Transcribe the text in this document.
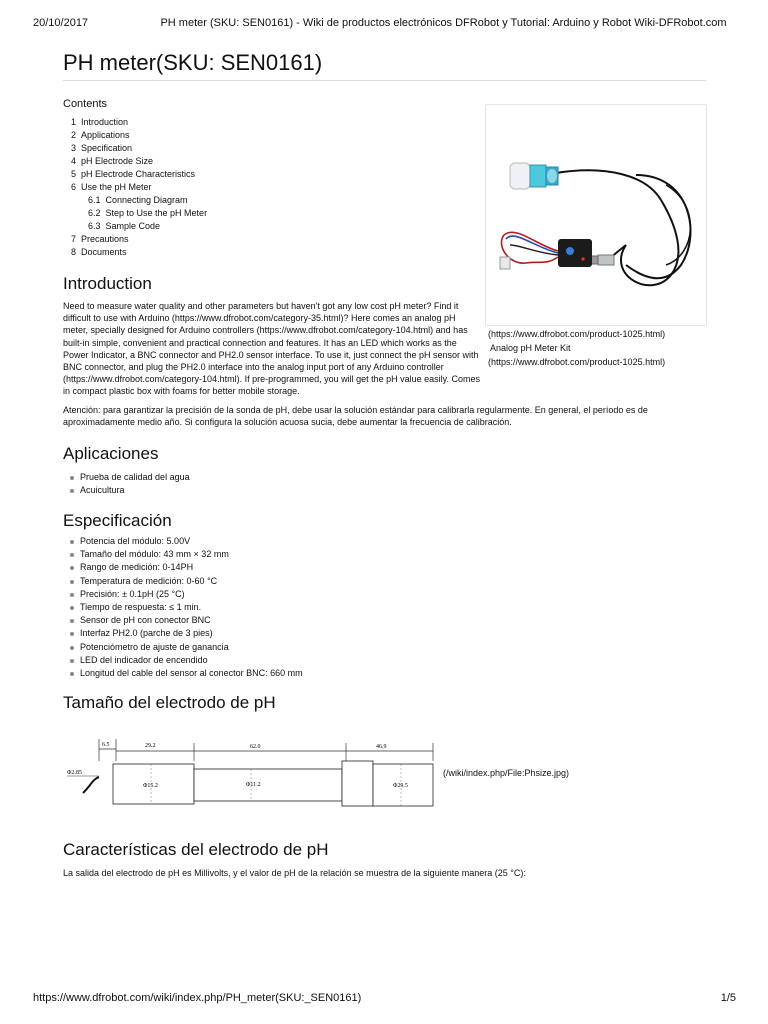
20/10/2017	PH meter (SKU: SEN0161) - Wiki de productos electrónicos DFRobot y Tutorial: Arduino y Robot Wiki-DFRobot.com
PH meter(SKU: SEN0161)
Contents
1 Introduction
2 Applications
3 Specification
4 pH Electrode Size
5 pH Electrode Characteristics
6 Use the pH Meter
6.1 Connecting Diagram
6.2 Step to Use the pH Meter
6.3 Sample Code
7 Precautions
8 Documents
(https://www.dfrobot.com/product-1025.html)
Analog pH Meter Kit
(https://www.dfrobot.com/product-1025.html)
Introduction
Need to measure water quality and other parameters but haven't got any low cost pH meter? Find it
difficult to use with Arduino (https://www.dfrobot.com/category-35.html)? Here comes an analog pH
meter, specially designed for Arduino controllers (https://www.dfrobot.com/category-104.html) and has
built-in simple, convenient and practical connection and features. It has an LED which works as the
Power Indicator, a BNC connector and PH2.0 sensor interface. To use it, just connect the pH sensor with
BNC connector, and plug the PH2.0 interface into the analog input port of any Arduino controller
(https://www.dfrobot.com/category-104.html). If pre-programmed, you will get the pH value easily. Comes
in compact plastic box with foams for better mobile storage.
Atención: para garantizar la precisión de la sonda de pH, debe usar la solución estándar para calibrarla regularmente. En general, el período es de
aproximadamente medio año. Si configura la solución acuosa sucia, debe aumentar la frecuencia de calibración.
Aplicaciones
Prueba de calidad del agua
Acuicultura
Especificación
Potencia del módulo: 5.00V
Tamaño del módulo: 43 mm × 32 mm
Rango de medición: 0-14PH
Temperatura de medición: 0-60 °C
Precisión: ± 0.1pH (25 °C)
Tiempo de respuesta: ≤ 1 min.
Sensor de pH con conector BNC
Interfaz PH2.0 (parche de 3 pies)
Potenciómetro de ajuste de ganancia
LED del indicador de encendido
Longitud del cable del sensor al conector BNC: 660 mm
Tamaño del electrodo de pH
6.5	29.2	62.0	46.9
Φ2.85
Φ15.2	Φ11.2	Φ29.5
(/wiki/index.php/File:Phsize.jpg)
Características del electrodo de pH
La salida del electrodo de pH es Millivolts, y el valor de pH de la relación se muestra de la siguiente manera (25 °C):
https://www.dfrobot.com/wiki/index.php/PH_meter(SKU:_SEN0161)	1/5
